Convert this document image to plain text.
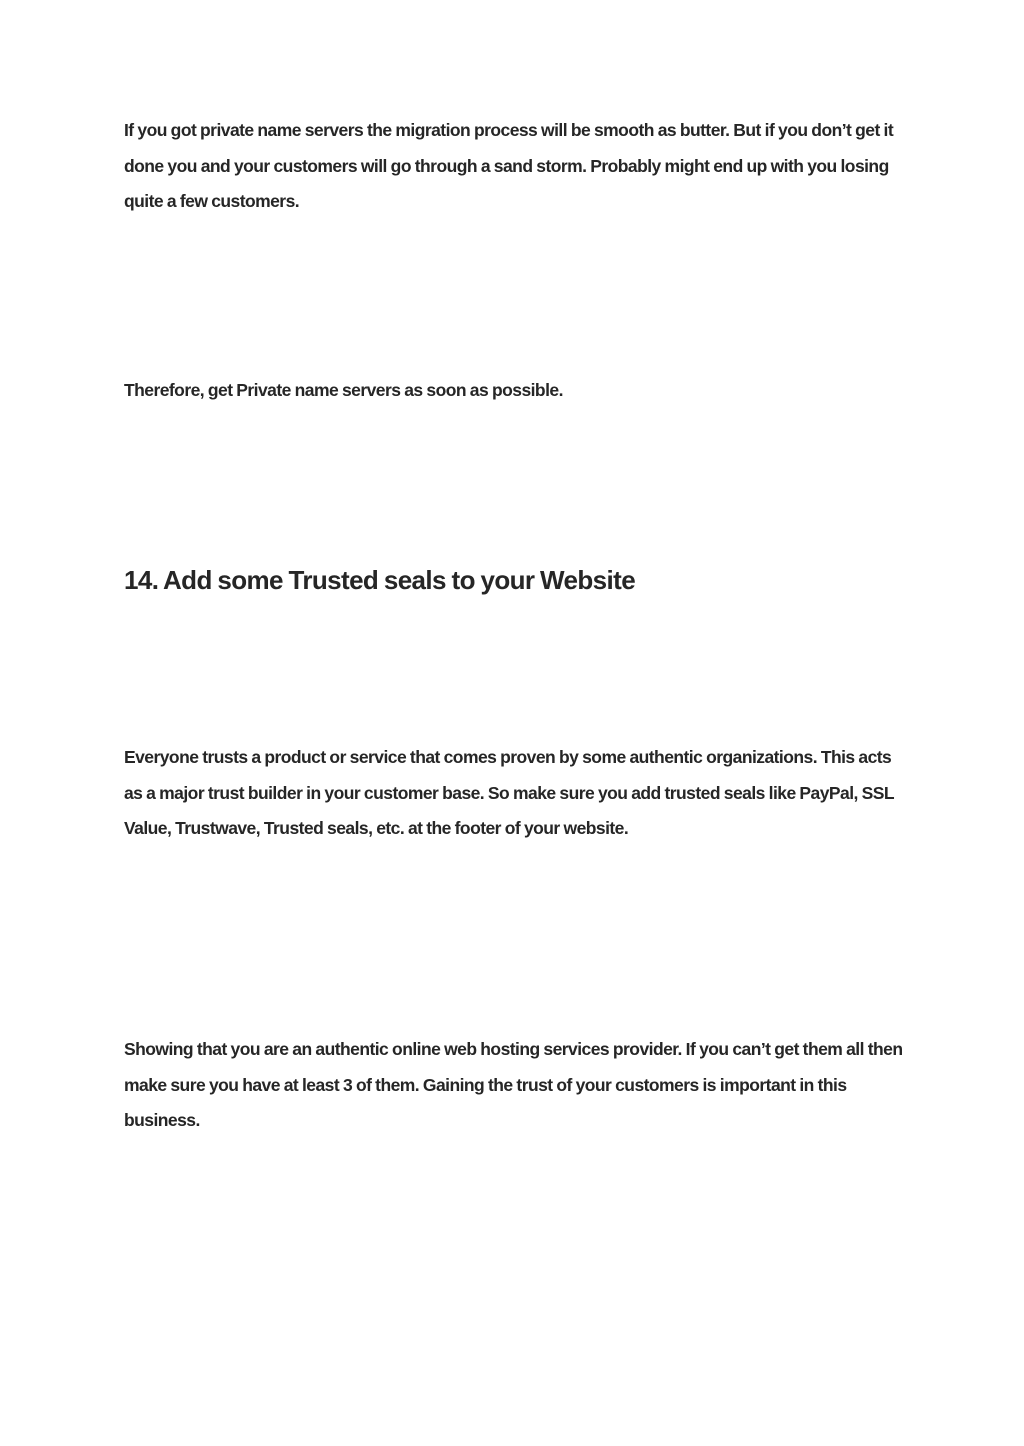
If you got private name servers the migration process will be smooth as butter. But if you don’t get it done you and your customers will go through a sand storm. Probably might end up with you losing quite a few customers.

Therefore, get Private name servers as soon as possible.

14. Add some Trusted seals to your Website

Everyone trusts a product or service that comes proven by some authentic organizations. This acts as a major trust builder in your customer base. So make sure you add trusted seals like PayPal, SSL Value, Trustwave, Trusted seals, etc. at the footer of your website.

Showing that you are an authentic online web hosting services provider. If you can’t get them all then make sure you have at least 3 of them. Gaining the trust of your customers is important in this business.
